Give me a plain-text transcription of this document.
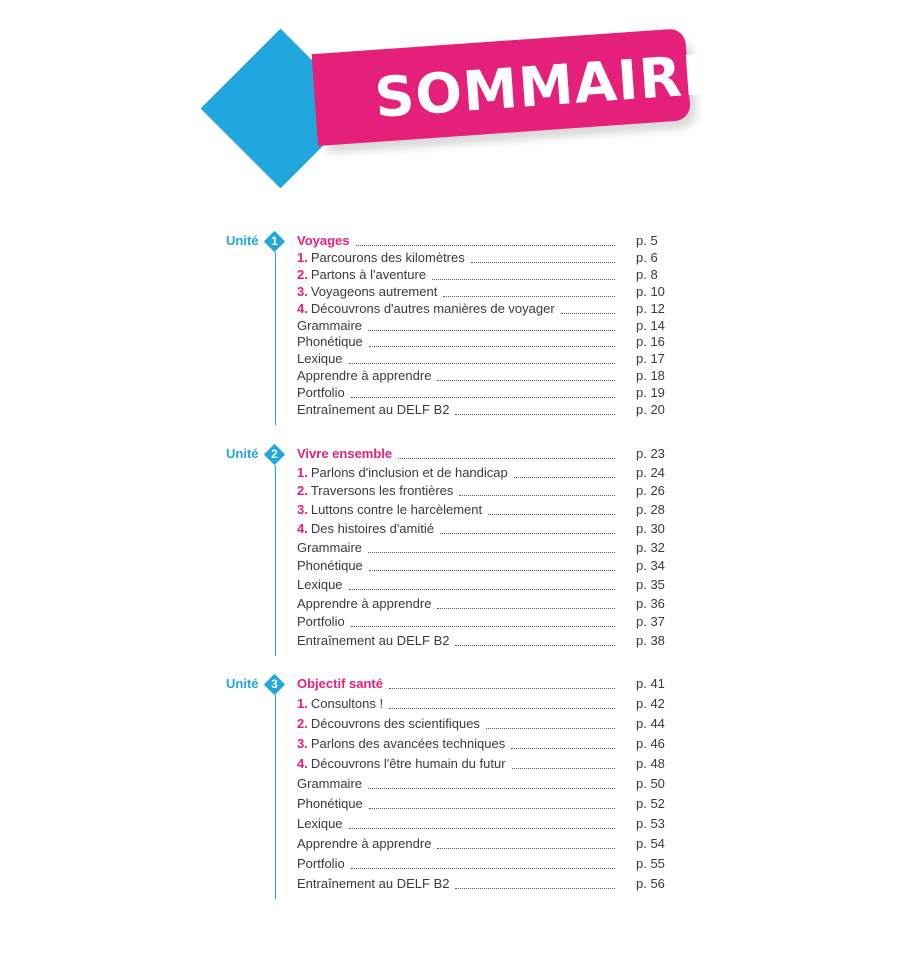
SOMMAIRE
Unité	1	Voyages	p. 5
1. Parcourons des kilomètres	p. 6
2. Partons à l'aventure	p. 8
3. Voyageons autrement	p. 10
4. Découvrons d'autres manières de voyager	p. 12
Grammaire	p. 14
Phonétique	p. 16
Lexique	p. 17
Apprendre à apprendre	p. 18
Portfolio	p. 19
Entraînement au DELF B2	p. 20
Unité	2	Vivre ensemble	p. 23
1. Parlons d'inclusion et de handicap	p. 24
2. Traversons les frontières	p. 26
3. Luttons contre le harcèlement	p. 28
4. Des histoires d'amitié	p. 30
Grammaire	p. 32
Phonétique	p. 34
Lexique	p. 35
Apprendre à apprendre	p. 36
Portfolio	p. 37
Entraînement au DELF B2	p. 38
Unité	3	Objectif santé	p. 41
1. Consultons !	p. 42
2. Découvrons des scientifiques	p. 44
3. Parlons des avancées techniques	p. 46
4. Découvrons l'être humain du futur	p. 48
Grammaire	p. 50
Phonétique	p. 52
Lexique	p. 53
Apprendre à apprendre	p. 54
Portfolio	p. 55
Entraînement au DELF B2	p. 56
